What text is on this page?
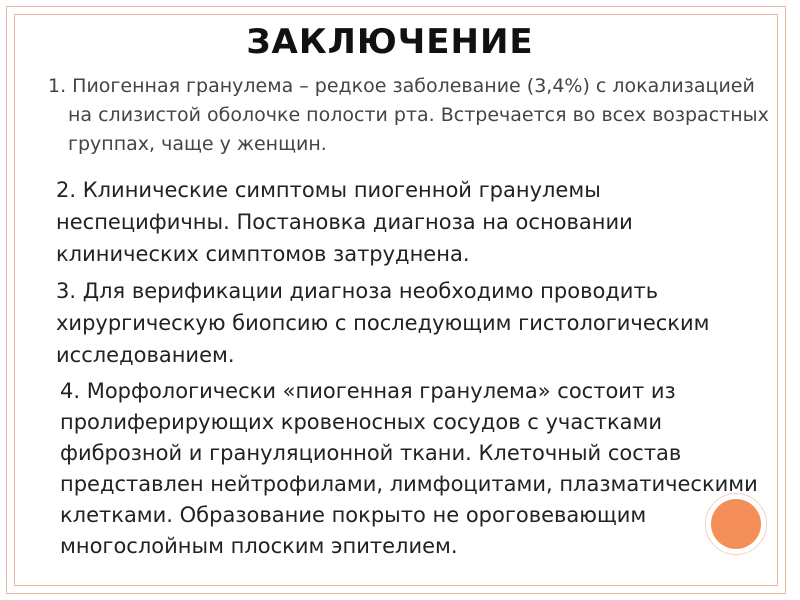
ЗАКЛЮЧЕНИЕ
1. Пиогенная гранулема – редкое заболевание (3,4%) с локализацией на слизистой оболочке полости рта. Встречается во всех возрастных группах, чаще у женщин.
2. Клинические симптомы пиогенной гранулемы неспецифичны. Постановка диагноза на основании клинических симптомов затруднена.
3. Для верификации диагноза необходимо проводить хирургическую биопсию с последующим гистологическим исследованием.
4. Морфологически «пиогенная гранулема» состоит из пролиферирующих кровеносных сосудов с участками фиброзной и грануляционной ткани. Клеточный состав представлен нейтрофилами, лимфоцитами, плазматическими клетками. Образование покрыто не ороговевающим многослойным плоским эпителием.
